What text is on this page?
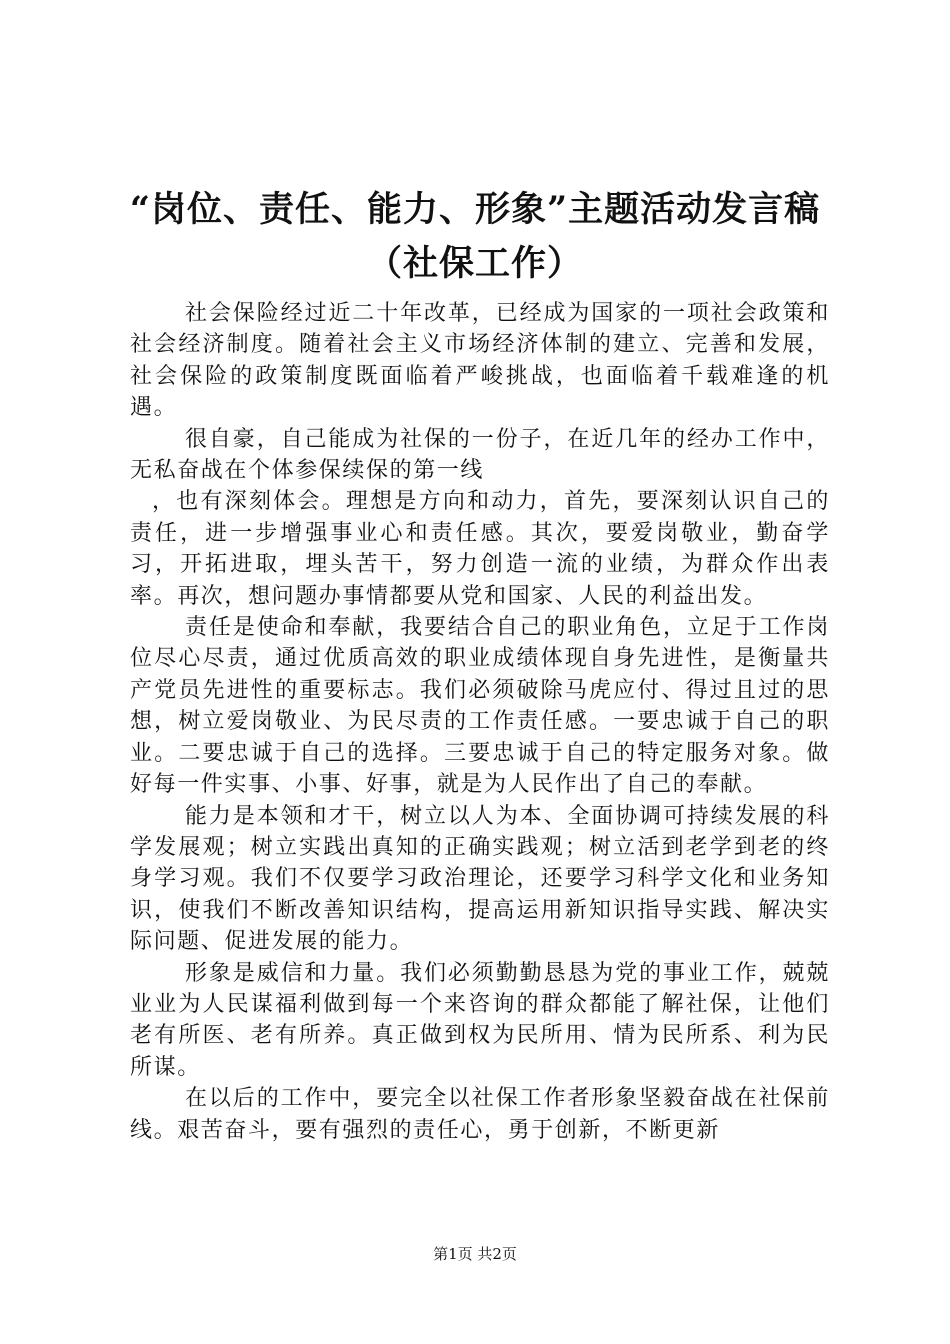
“岗位、责任、能力、形象”主题活动发言稿
（社保工作）

社会保险经过近二十年改革，已经成为国家的一项社会政策和社会经济制度。随着社会主义市场经济体制的建立、完善和发展，社会保险的政策制度既面临着严峻挑战，也面临着千载难逢的机遇。

很自豪，自己能成为社保的一份子，在近几年的经办工作中，无私奋战在个体参保续保的第一线

，也有深刻体会。理想是方向和动力，首先，要深刻认识自己的责任，进一步增强事业心和责任感。其次，要爱岗敬业，勤奋学习，开拓进取，埋头苦干，努力创造一流的业绩，为群众作出表率。再次，想问题办事情都要从党和国家、人民的利益出发。

责任是使命和奉献，我要结合自己的职业角色，立足于工作岗位尽心尽责，通过优质高效的职业成绩体现自身先进性，是衡量共产党员先进性的重要标志。我们必须破除马虎应付、得过且过的思想，树立爱岗敬业、为民尽责的工作责任感。一要忠诚于自己的职业。二要忠诚于自己的选择。三要忠诚于自己的特定服务对象。做好每一件实事、小事、好事，就是为人民作出了自己的奉献。

能力是本领和才干，树立以人为本、全面协调可持续发展的科学发展观；树立实践出真知的正确实践观；树立活到老学到老的终身学习观。我们不仅要学习政治理论，还要学习科学文化和业务知识，使我们不断改善知识结构，提高运用新知识指导实践、解决实际问题、促进发展的能力。

形象是威信和力量。我们必须勤勤恳恳为党的事业工作，兢兢业业为人民谋福利做到每一个来咨询的群众都能了解社保，让他们老有所医、老有所养。真正做到权为民所用、情为民所系、利为民所谋。

在以后的工作中，要完全以社保工作者形象坚毅奋战在社保前线。艰苦奋斗，要有强烈的责任心，勇于创新，不断更新

第1页 共2页
